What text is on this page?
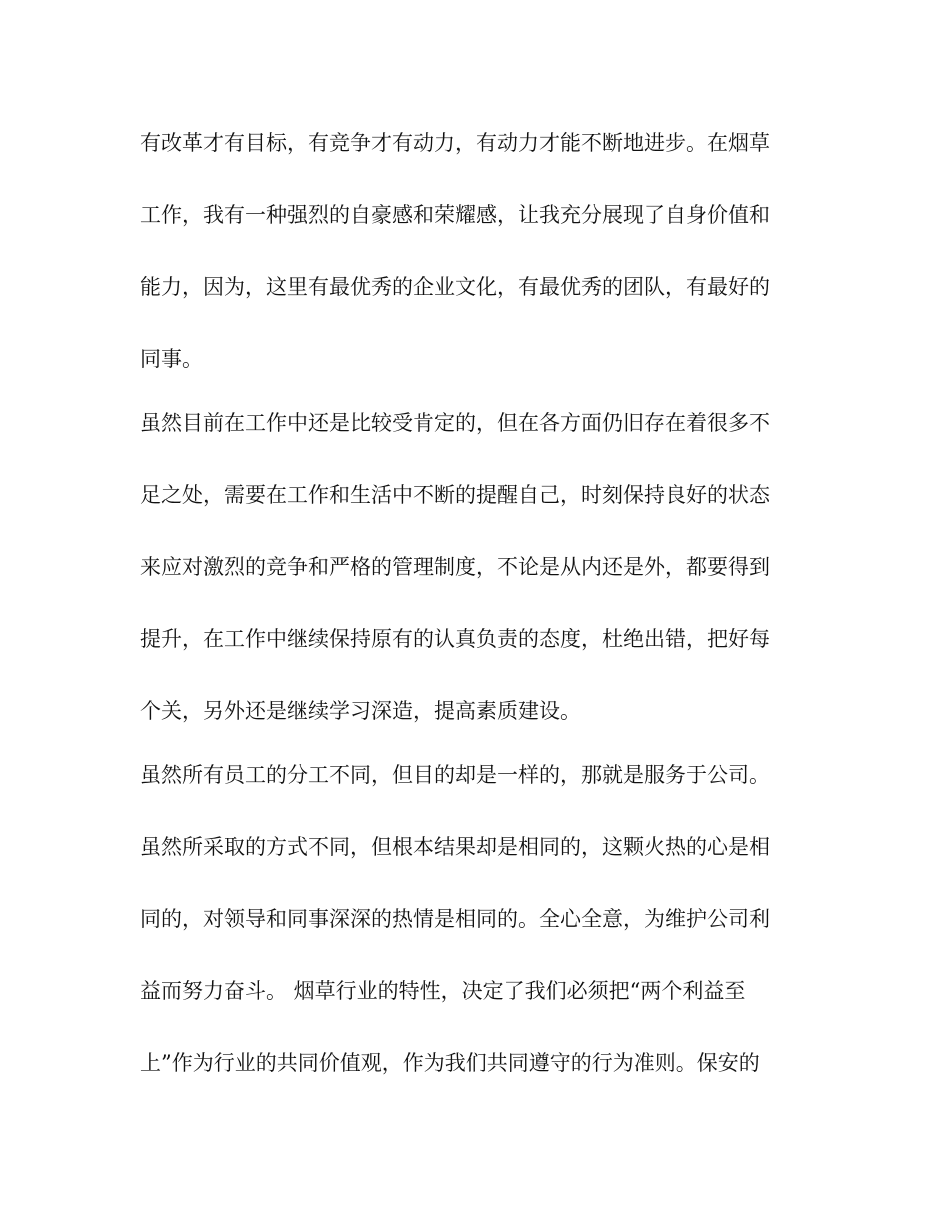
有改革才有目标，有竞争才有动力，有动力才能不断地进步。在烟草
工作，我有一种强烈的自豪感和荣耀感，让我充分展现了自身价值和
能力，因为，这里有最优秀的企业文化，有最优秀的团队，有最好的
同事。
虽然目前在工作中还是比较受肯定的，但在各方面仍旧存在着很多不
足之处，需要在工作和生活中不断的提醒自己，时刻保持良好的状态
来应对激烈的竞争和严格的管理制度，不论是从内还是外，都要得到
提升，在工作中继续保持原有的认真负责的态度，杜绝出错，把好每
个关，另外还是继续学习深造，提高素质建设。
虽然所有员工的分工不同，但目的却是一样的，那就是服务于公司。
虽然所采取的方式不同，但根本结果却是相同的，这颗火热的心是相
同的，对领导和同事深深的热情是相同的。全心全意，为维护公司利
益而努力奋斗。 烟草行业的特性，决定了我们必须把“两个利益至
上”作为行业的共同价值观，作为我们共同遵守的行为准则。保安的
